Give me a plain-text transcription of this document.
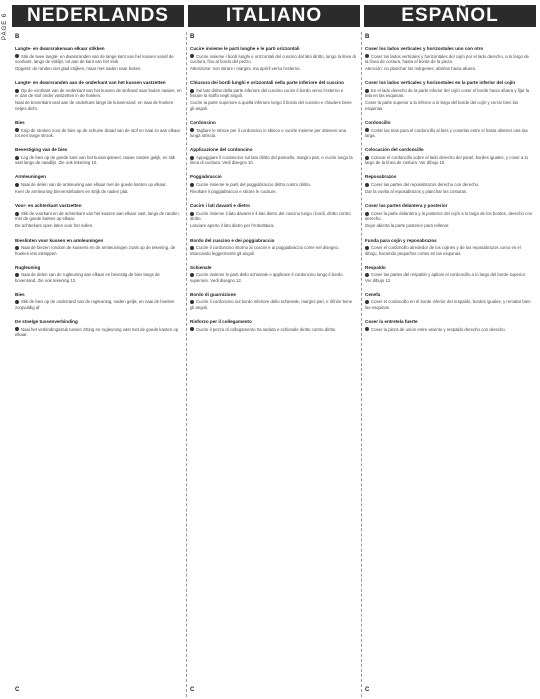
PAGE 6	NEDERLANDS	ITALIANO	ESPAÑOL
B
Langte- en dwarsrakenaan elkaar stikken

Stik de twee langte- en dwarsranden van de lange kant van het kussen vanaf de voorkant, langs de stiklijn, tot aan de kant van het stuk.

Opgelet: de randen niet glad strijken, maar met naden naar buiten.

Langte- en dwarsranden aan de onderkant van het kussen vastzetten

Op de voorkant van de onderkant van het kussen de stofrand naar buiten naaien, en er dan de stof onder vastzetten in de hoeken.

Naai de bovenkant vast aan de onderkant langs de kussenrand, en naai de hoeken netjes dicht.

Bies

Knip de stroken voor de bies op de schuine draad van de stof en naai ze aan elkaar tot een lange strook.

Bevestiging van de bies

Leg de bies op de goede kant van het kussenpaneel, rauwe randen gelijk, en stik vast langs de naadlijn. Zie ook tekening 10.

Armleuningen

Naai de delen van de armleuning aan elkaar met de goede kanten op elkaar.

Keer de armleuning binnenstebuiten en strijk de naden plat.

Voor- en achterkant vastzetten

Stik de voorkant en de achterkant van het kussen aan elkaar vast, langs de randen, met de goede kanten op elkaar.

De achterkant open laten voor het vullen.

Bieslinten voor kussen en armleuningen

Naai de biezen rondom de kussens en de armleuningen zoals op de tekening, de hoeken iets inknippen.

Rugleuning

Naai de delen van de rugleuning aan elkaar en bevestig de bies langs de bovenrand. Zie ook tekening 12.

Bies

Stik de bies op de onderrand van de rugleuning, naden gelijk, en naai de hoeken zorgvuldig af.

De stoelge tussenverbinding

Naai het verbindingsstuk tussen zitting en rugleuning vast met de goede kanten op elkaar.

C
B
Cucire insieme le parti lunghe e le parti orizzontali

Cucire insieme i bordi lunghi e orizzontali del cuscino dal lato diritto, lungo la linea di cucitura, fino al bordo del pezzo.

Attenzione: non stirare i margini, ma aprirli verso l'esterno.

Chiusura dei bordi lunghi e orizzontali nella parte inferiore del cuscino

Sul lato diritto della parte inferiore del cuscino cucire il bordo verso l'esterno e fissare la stoffa negli angoli.

Cucire la parte superiore a quella inferiore lungo il bordo del cuscino e chiudere bene gli angoli.

Cordoncino

Tagliare le strisce per il cordoncino in sbieco e cucirle insieme per ottenere una lunga striscia.

Applicazione del cordoncino

Appoggiare il cordoncino sul lato diritto del pannello, margini pari, e cucire lungo la linea di cucitura. Vedi disegno 10.

Poggiabraccio

Cucire insieme le parti del poggiabraccio diritto contro diritto.

Rivoltare il poggiabraccio e stirare le cuciture.

Cucire i lati davanti e dietro

Cucire insieme il lato davanti e il lato dietro del cuscino lungo i bordi, diritto contro diritto.

Lasciare aperto il lato dietro per l'imbottitura.

Bordo del cuscino e dei poggiabraccio

Cucire il cordoncino intorno ai cuscini e ai poggiabraccio come nel disegno, intaccando leggermente gli angoli.

Schienale

Cucire insieme le parti dello schienale e applicare il cordoncino lungo il bordo superiore. Vedi disegno 12.

Bordo di guarnizione

Cucire il cordoncino sul bordo inferiore dello schienale, margini pari, e rifinire bene gli angoli.

Rinforzo per il collegamento

Cucire il pezzo di collegamento tra seduta e schienale diritto contro diritto.

C
B
Coser los lados verticales y horizontales uno con otro

Coser los lados verticales y horizontales del cojín por el lado derecho, a lo largo de la línea de costura, hasta el borde de la pieza.

Atención: no planchar los márgenes, abrirlos hacia afuera.

Coser los lados verticales y horizontales en la parte inferior del cojín

En el lado derecho de la parte inferior del cojín coser el borde hacia afuera y fijar la tela en las esquinas.

Coser la parte superior a la inferior a lo largo del borde del cojín y cerrar bien las esquinas.

Cordoncillo

Cortar las tiras para el cordoncillo al bies y coserlas entre sí hasta obtener una tira larga.

Colocación del cordoncillo

Colocar el cordoncillo sobre el lado derecho del panel, bordes iguales, y coser a lo largo de la línea de costura. Ver dibujo 10.

Reposabrazos

Coser las partes del reposabrazos derecho con derecho.

Dar la vuelta al reposabrazos y planchar las costuras.

Coser las partes delantera y posterior

Coser la parte delantera y la posterior del cojín a lo largo de los bordes, derecho con derecho.

Dejar abierta la parte posterior para rellenar.

Funda para cojín y reposabrazos

Coser el cordoncillo alrededor de los cojines y de los reposabrazos como en el dibujo, haciendo pequeños cortes en las esquinas.

Respaldo

Coser las partes del respaldo y aplicar el cordoncillo a lo largo del borde superior. Ver dibujo 12.

Cenefa

Coser el cordoncillo en el borde inferior del respaldo, bordes iguales, y rematar bien las esquinas.

Coser la entretela fuerte

Coser la pieza de unión entre asiento y respaldo derecho con derecho.

C
